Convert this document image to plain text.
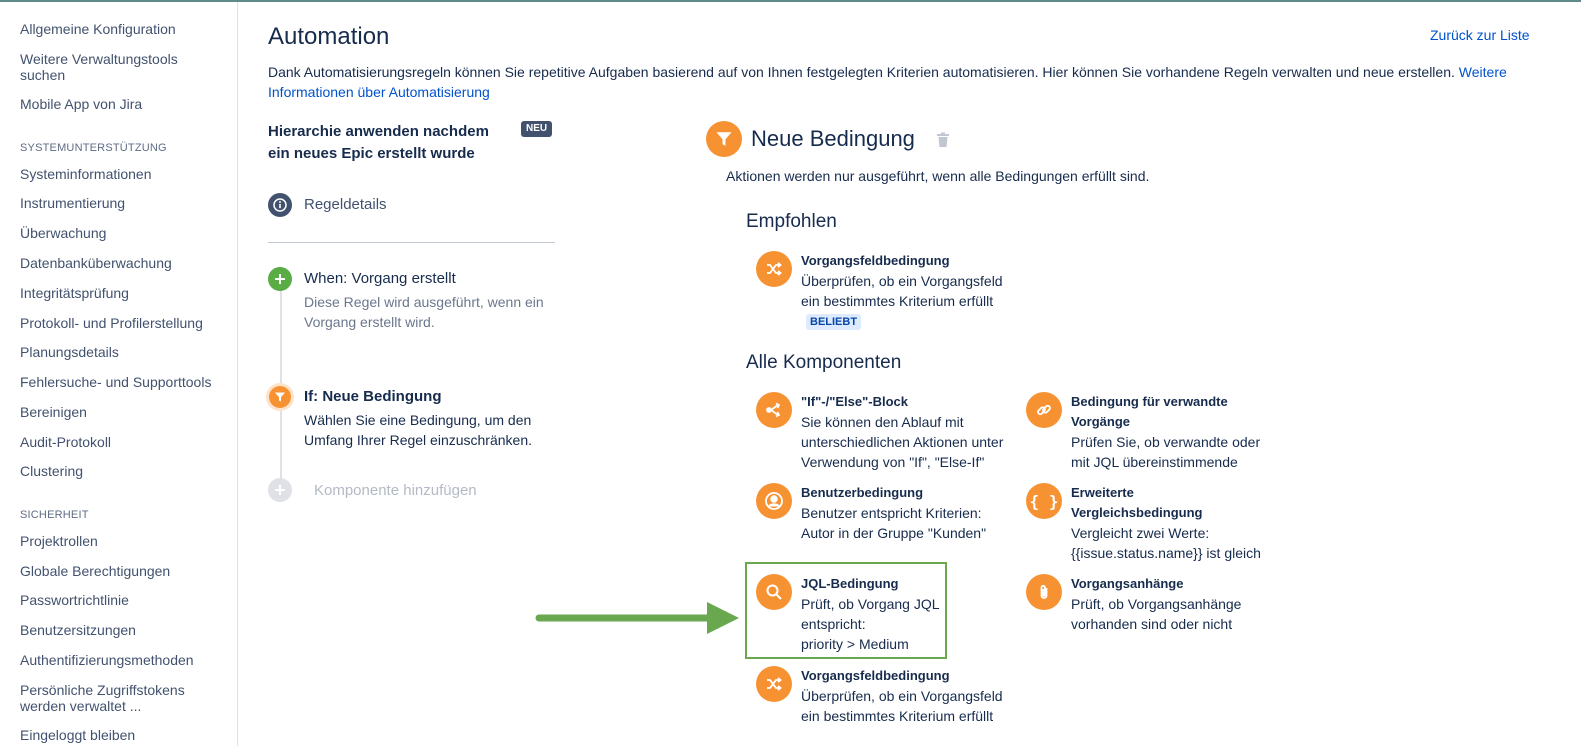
Allgemeine Konfiguration
Weitere Verwaltungstools suchen
Mobile App von Jira
SYSTEMUNTERSTÜTZUNG
Systeminformationen
Instrumentierung
Überwachung
Datenbanküberwachung
Integritätsprüfung
Protokoll- und Profilerstellung
Planungsdetails
Fehlersuche- und Supporttools
Bereinigen
Audit-Protokoll
Clustering
SICHERHEIT
Projektrollen
Globale Berechtigungen
Passwortrichtlinie
Benutzersitzungen
Authentifizierungsmethoden
Persönliche Zugriffstokens werden verwaltet ...
Eingeloggt bleiben
Automation	Zurück zur Liste
Dank Automatisierungsregeln können Sie repetitive Aufgaben basierend auf von Ihnen festgelegten Kriterien automatisieren. Hier können Sie vorhandene Regeln verwalten und neue erstellen. Weitere Informationen über Automatisierung
Hierarchie anwenden nachdem ein neues Epic erstellt wurde
NEU
Regeldetails
When: Vorgang erstellt
Diese Regel wird ausgeführt, wenn ein Vorgang erstellt wird.
If: Neue Bedingung
Wählen Sie eine Bedingung, um den Umfang Ihrer Regel einzuschränken.
Komponente hinzufügen
Neue Bedingung
Aktionen werden nur ausgeführt, wenn alle Bedingungen erfüllt sind.
Empfohlen
Vorgangsfeldbedingung
Überprüfen, ob ein Vorgangsfeld
ein bestimmtes Kriterium erfüllt
BELIEBT
Alle Komponenten
"If"-/"Else"-Block
Sie können den Ablauf mit
unterschiedlichen Aktionen unter
Verwendung von "If", "Else-If"
Bedingung für verwandte
Vorgänge
Prüfen Sie, ob verwandte oder
mit JQL übereinstimmende
Benutzerbedingung
Benutzer entspricht Kriterien:
Autor in der Gruppe "Kunden"
{ } Erweiterte
Vergleichsbedingung
Vergleicht zwei Werte:
{{issue.status.name}} ist gleich
JQL-Bedingung
Prüft, ob Vorgang JQL
entspricht:
priority > Medium
Vorgangsanhänge
Prüft, ob Vorgangsanhänge
vorhanden sind oder nicht
Vorgangsfeldbedingung
Überprüfen, ob ein Vorgangsfeld
ein bestimmtes Kriterium erfüllt
